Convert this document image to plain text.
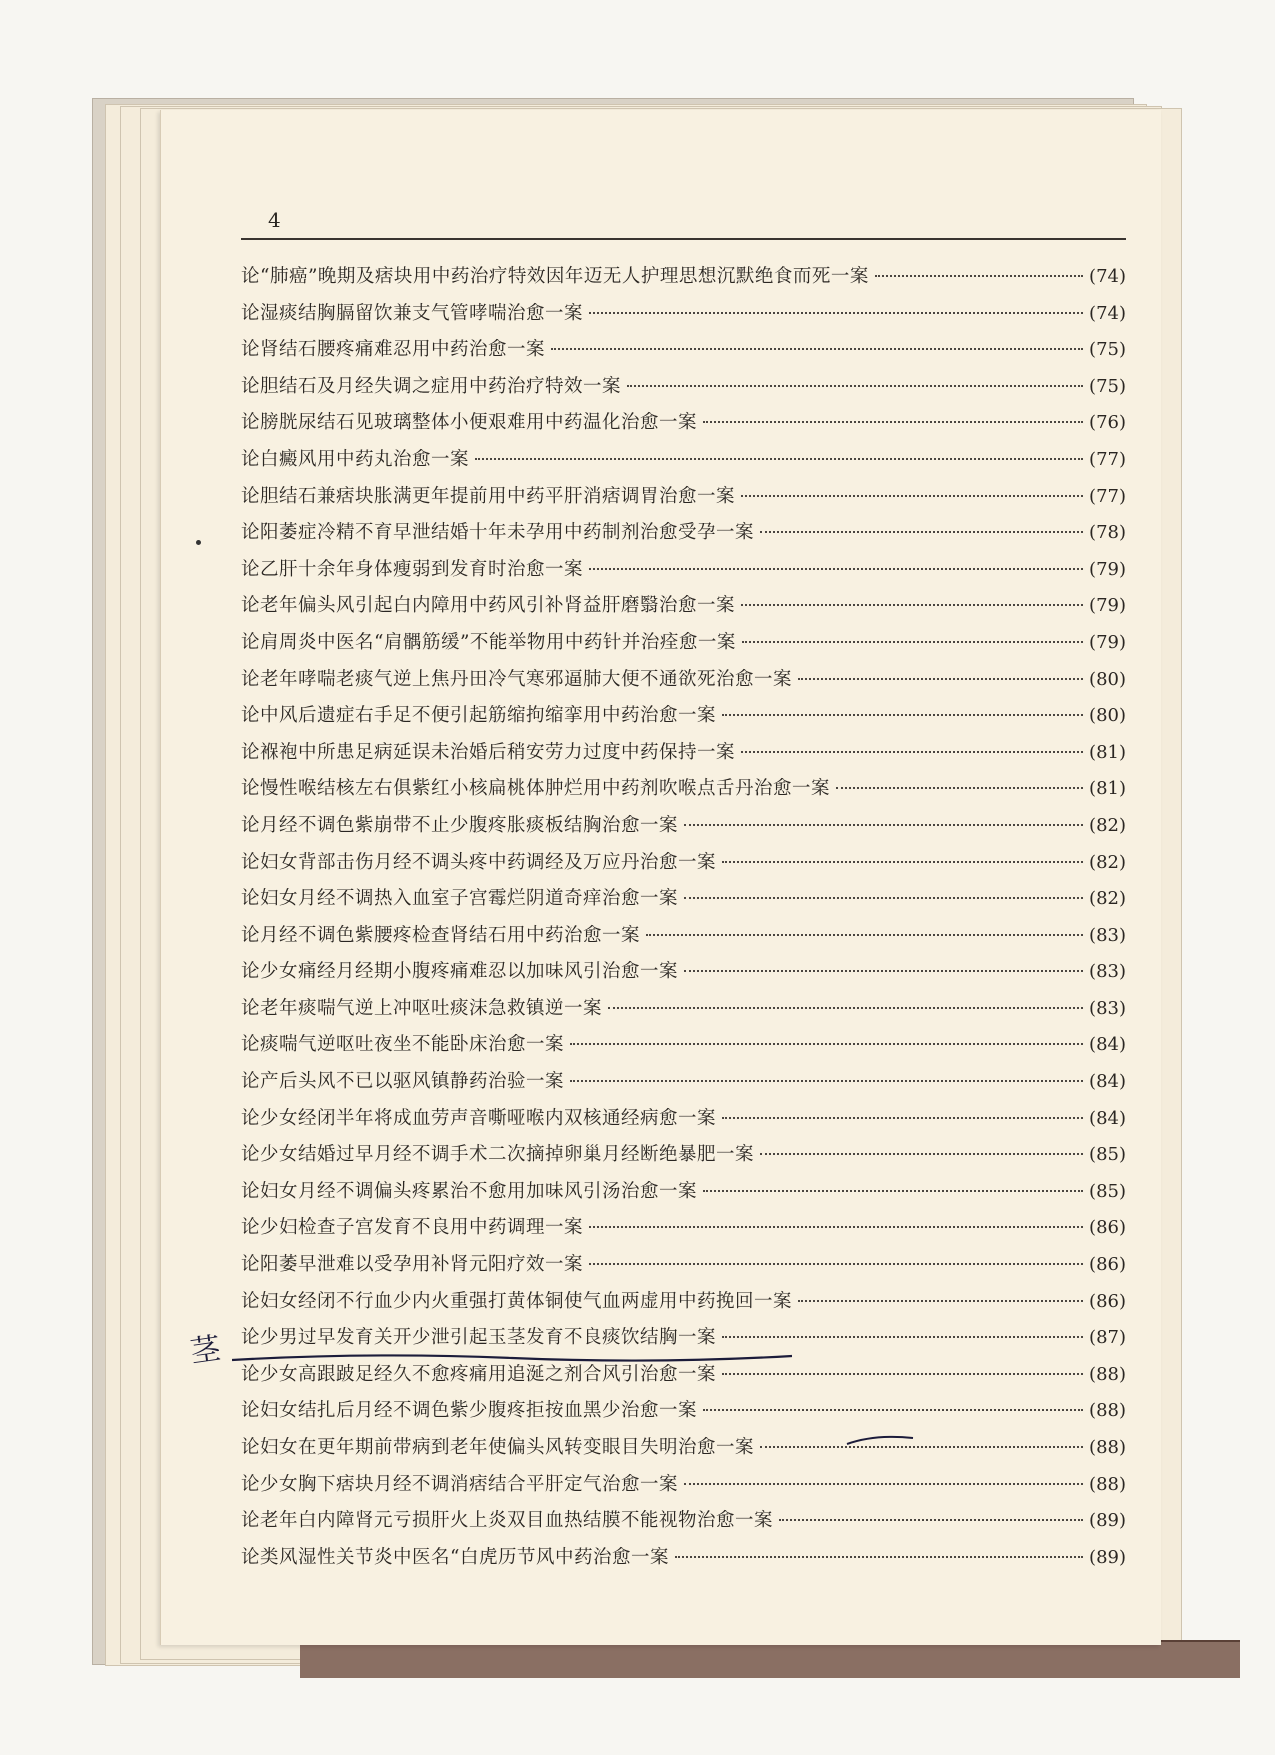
4
论“肺癌”晚期及痞块用中药治疗特效因年迈无人护理思想沉默绝食而死一案	(74)
论湿痰结胸膈留饮兼支气管哮喘治愈一案	(74)
论肾结石腰疼痛难忍用中药治愈一案	(75)
论胆结石及月经失调之症用中药治疗特效一案	(75)
论膀胱尿结石见玻璃整体小便艰难用中药温化治愈一案	(76)
论白癜风用中药丸治愈一案	(77)
论胆结石兼痞块胀满更年提前用中药平肝消痞调胃治愈一案	(77)
论阳萎症冷精不育早泄结婚十年未孕用中药制剂治愈受孕一案	(78)
论乙肝十余年身体瘦弱到发育时治愈一案	(79)
论老年偏头风引起白内障用中药风引补肾益肝磨翳治愈一案	(79)
论肩周炎中医名“肩髃筋缓”不能举物用中药针并治痊愈一案	(79)
论老年哮喘老痰气逆上焦丹田冷气寒邪逼肺大便不通欲死治愈一案	(80)
论中风后遗症右手足不便引起筋缩拘缩挛用中药治愈一案	(80)
论褓袍中所患足病延误未治婚后稍安劳力过度中药保持一案	(81)
论慢性喉结核左右俱紫红小核扁桃体肿烂用中药剂吹喉点舌丹治愈一案	(81)
论月经不调色紫崩带不止少腹疼胀痰板结胸治愈一案	(82)
论妇女背部击伤月经不调头疼中药调经及万应丹治愈一案	(82)
论妇女月经不调热入血室子宫霉烂阴道奇痒治愈一案	(82)
论月经不调色紫腰疼检查肾结石用中药治愈一案	(83)
论少女痛经月经期小腹疼痛难忍以加味风引治愈一案	(83)
论老年痰喘气逆上冲呕吐痰沫急救镇逆一案	(83)
论痰喘气逆呕吐夜坐不能卧床治愈一案	(84)
论产后头风不已以驱风镇静药治验一案	(84)
论少女经闭半年将成血劳声音嘶哑喉内双核通经病愈一案	(84)
论少女结婚过早月经不调手术二次摘掉卵巢月经断绝暴肥一案	(85)
论妇女月经不调偏头疼累治不愈用加味风引汤治愈一案	(85)
论少妇检查子宫发育不良用中药调理一案	(86)
论阳萎早泄难以受孕用补肾元阳疗效一案	(86)
论妇女经闭不行血少内火重强打黄体铜使气血两虚用中药挽回一案	(86)
论少男过早发育关开少泄引起玉茎发育不良痰饮结胸一案	(87)
论少女高跟跛足经久不愈疼痛用追涎之剂合风引治愈一案	(88)
论妇女结扎后月经不调色紫少腹疼拒按血黑少治愈一案	(88)
论妇女在更年期前带病到老年使偏头风转变眼目失明治愈一案	(88)
论少女胸下痞块月经不调消痞结合平肝定气治愈一案	(88)
论老年白内障肾元亏损肝火上炎双目血热结膜不能视物治愈一案	(89)
论类风湿性关节炎中医名“白虎历节风中药治愈一案	(89)
茎
